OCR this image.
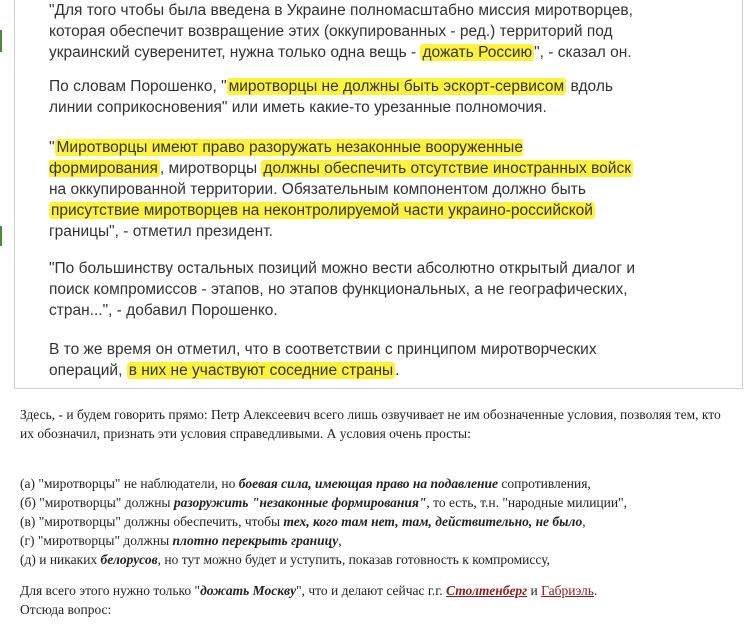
"Для того чтобы была введена в Украине полномасштабно миссия миротворцев, которая обеспечит возвращение этих (оккупированных - ред.) территорий под украинский суверенитет, нужна только одна вещь - дожать Россию ", - сказал он.

По словам Порошенко, " миротворцы не должны быть эскорт-сервисом вдоль линии соприкосновения" или иметь какие-то урезанные полномочия.

" Миротворцы имеют право разоружать незаконные вооруженные формирования , миротворцы должны обеспечить отсутствие иностранных войск на оккупированной территории. Обязательным компонентом должно быть присутствие миротворцев на неконтролируемой части украино-российской границы", - отметил президент.

"По большинству остальных позиций можно вести абсолютно открытый диалог и поиск компромиссов - этапов, но этапов функциональных, а не географических, стран...", - добавил Порошенко.

В то же время он отметил, что в соответствии с принципом миротворческих операций, в них не участвуют соседние страны .

Здесь, - и будем говорить прямо: Петр Алексеевич всего лишь озвучивает не им обозначенные условия, позволяя тем, кто их обозначил, признать эти условия справедливыми. А условия очень просты:

(а) "миротворцы" не наблюдатели, но боевая сила, имеющая право на подавление сопротивления,
(б) "миротворцы" должны разоружить "незаконные формирования", то есть, т.н. "народные милиции",
(в) "миротворцы" должны обеспечить, чтобы тех, кого там нет, там, действительно, не было,
(г) "миротворцы" должны плотно перекрыть границу,
(д) и никаких белорусов, но тут можно будет и уступить, показав готовность к компромиссу,

Для всего этого нужно только "дожать Москву", что и делают сейчас г.г. Столтенберг и Габриэль.

Отсюда вопрос:
